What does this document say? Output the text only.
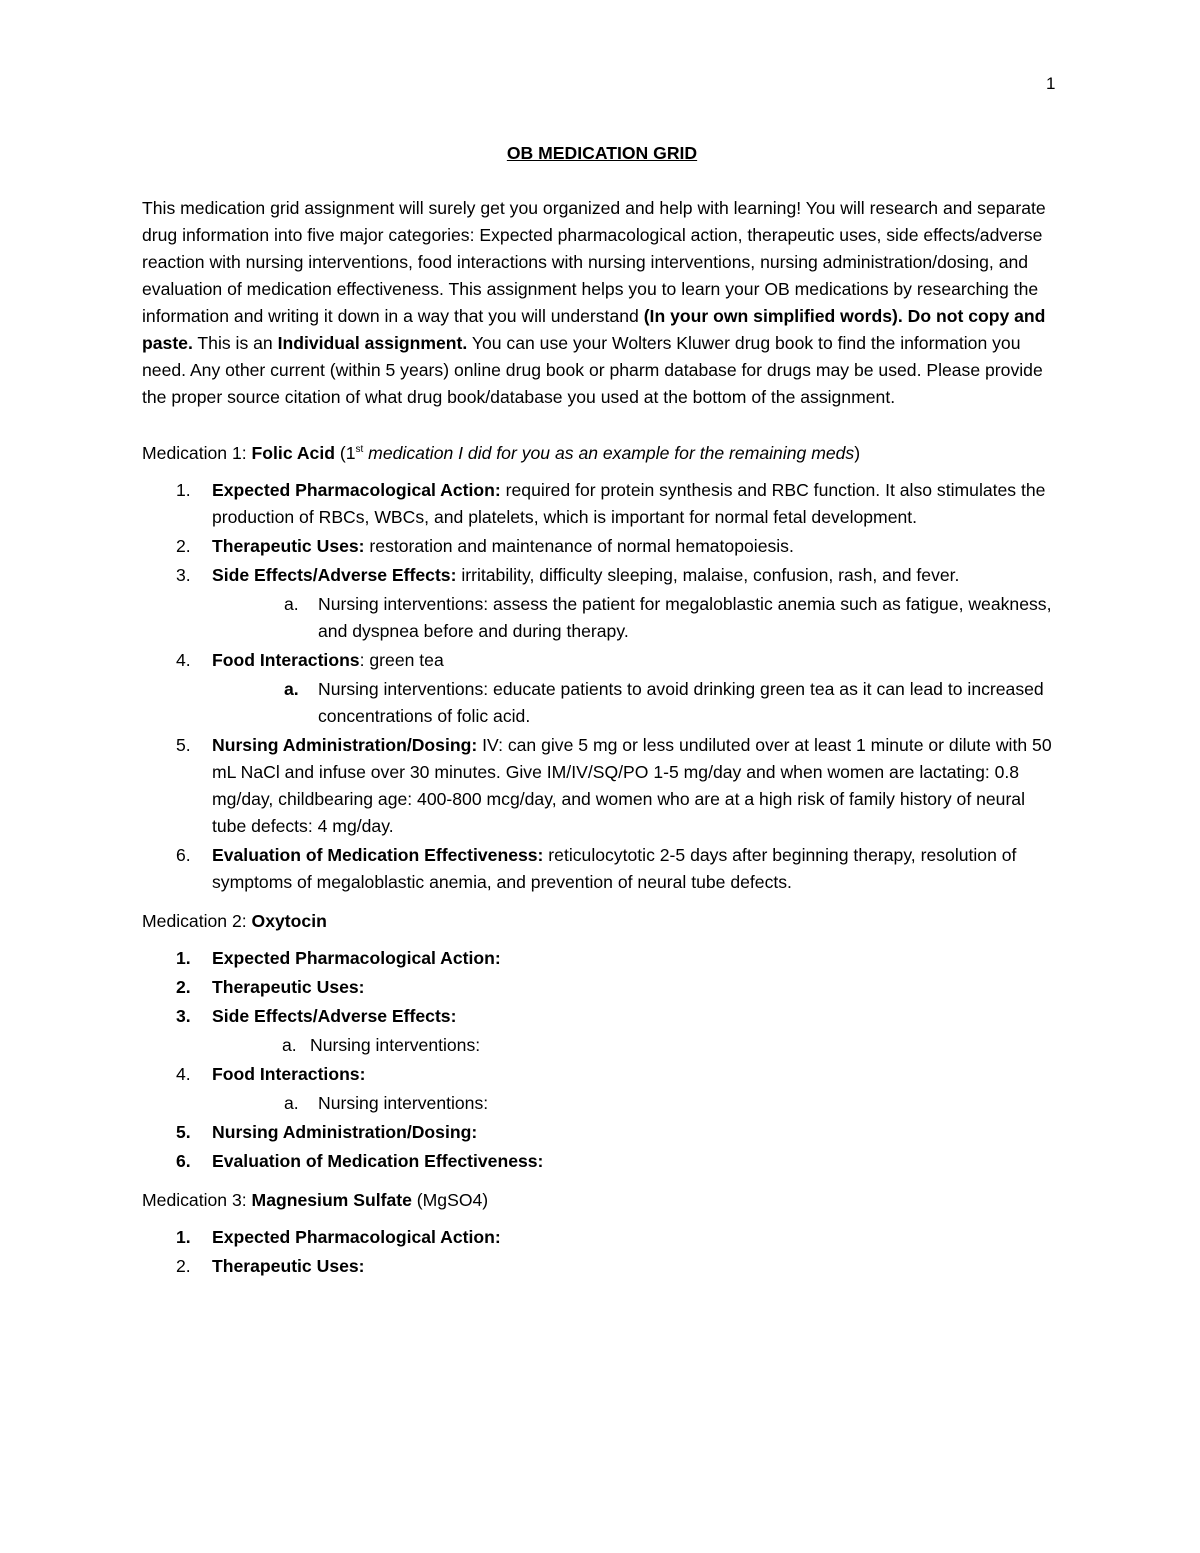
1
OB MEDICATION GRID

This medication grid assignment will surely get you organized and help with learning! You will research and separate drug information into five major categories: Expected pharmacological action, therapeutic uses, side effects/adverse reaction with nursing interventions, food interactions with nursing interventions, nursing administration/dosing, and evaluation of medication effectiveness. This assignment helps you to learn your OB medications by researching the information and writing it down in a way that you will understand (In your own simplified words). Do not copy and paste. This is an Individual assignment. You can use your Wolters Kluwer drug book to find the information you need. Any other current (within 5 years) online drug book or pharm database for drugs may be used. Please provide the proper source citation of what drug book/database you used at the bottom of the assignment.

Medication 1: Folic Acid (1st medication I did for you as an example for the remaining meds)

1. Expected Pharmacological Action: required for protein synthesis and RBC function. It also stimulates the production of RBCs, WBCs, and platelets, which is important for normal fetal development.
2. Therapeutic Uses: restoration and maintenance of normal hematopoiesis.
3. Side Effects/Adverse Effects: irritability, difficulty sleeping, malaise, confusion, rash, and fever.
a. Nursing interventions: assess the patient for megaloblastic anemia such as fatigue, weakness, and dyspnea before and during therapy.
4. Food Interactions: green tea
a. Nursing interventions: educate patients to avoid drinking green tea as it can lead to increased concentrations of folic acid.
5. Nursing Administration/Dosing: IV: can give 5 mg or less undiluted over at least 1 minute or dilute with 50 mL NaCl and infuse over 30 minutes. Give IM/IV/SQ/PO 1-5 mg/day and when women are lactating: 0.8 mg/day, childbearing age: 400-800 mcg/day, and women who are at a high risk of family history of neural tube defects: 4 mg/day.
6. Evaluation of Medication Effectiveness: reticulocytotic 2-5 days after beginning therapy, resolution of symptoms of megaloblastic anemia, and prevention of neural tube defects.

Medication 2: Oxytocin

1. Expected Pharmacological Action:
2. Therapeutic Uses:
3. Side Effects/Adverse Effects:
a. Nursing interventions:
4. Food Interactions:
a. Nursing interventions:
5. Nursing Administration/Dosing:
6. Evaluation of Medication Effectiveness:

Medication 3: Magnesium Sulfate (MgSO4)

1. Expected Pharmacological Action:
2. Therapeutic Uses:
